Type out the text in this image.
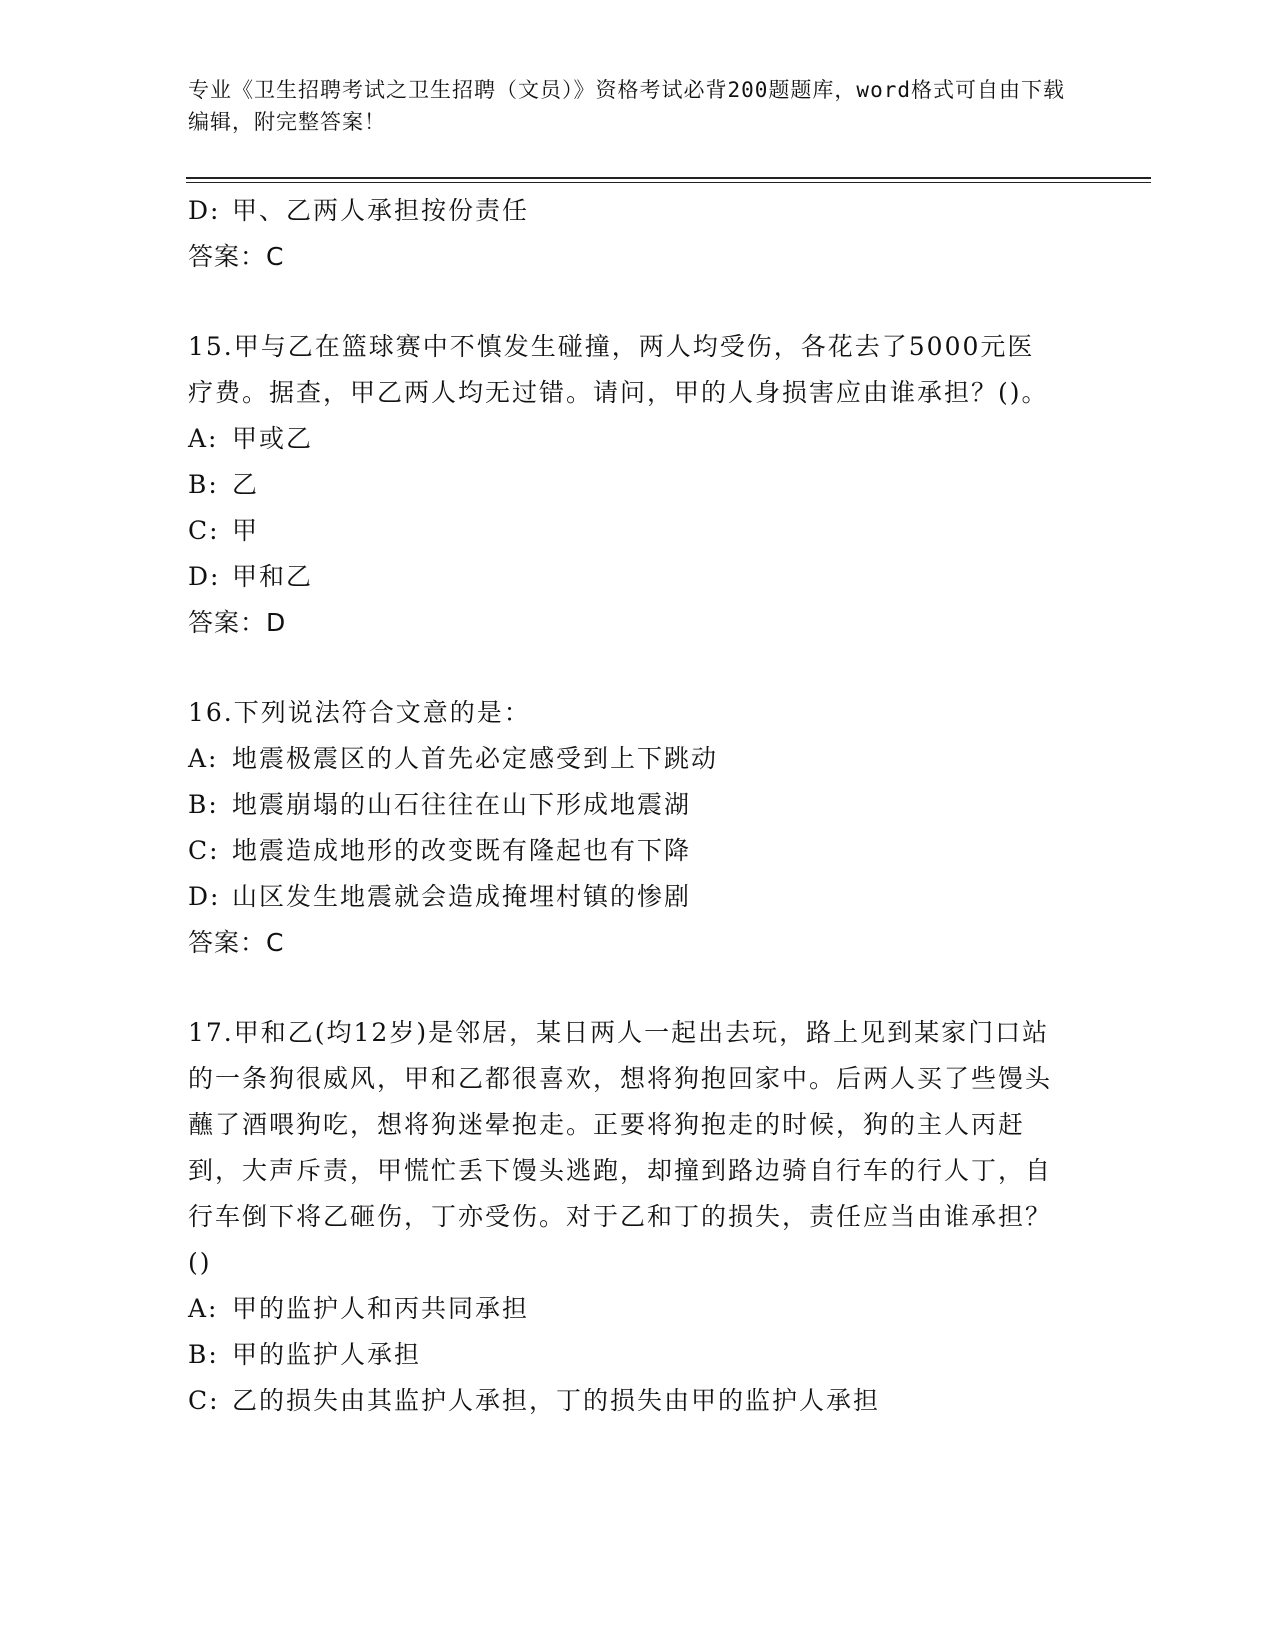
专业《卫生招聘考试之卫生招聘（文员）》资格考试必背200题题库，word格式可自由下载编辑，附完整答案！
D: 甲、乙两人承担按份责任
答案：C
15.甲与乙在篮球赛中不慎发生碰撞，两人均受伤，各花去了5000元医疗费。据查，甲乙两人均无过错。请问，甲的人身损害应由谁承担？()。
A: 甲或乙
B: 乙
C: 甲
D: 甲和乙
答案：D
16.下列说法符合文意的是：
A: 地震极震区的人首先必定感受到上下跳动
B: 地震崩塌的山石往往在山下形成地震湖
C: 地震造成地形的改变既有隆起也有下降
D: 山区发生地震就会造成掩埋村镇的惨剧
答案：C
17.甲和乙(均12岁)是邻居，某日两人一起出去玩，路上见到某家门口站的一条狗很威风，甲和乙都很喜欢，想将狗抱回家中。后两人买了些馒头蘸了酒喂狗吃，想将狗迷晕抱走。正要将狗抱走的时候，狗的主人丙赶到，大声斥责，甲慌忙丢下馒头逃跑，却撞到路边骑自行车的行人丁，自行车倒下将乙砸伤，丁亦受伤。对于乙和丁的损失，责任应当由谁承担？()
A: 甲的监护人和丙共同承担
B: 甲的监护人承担
C: 乙的损失由其监护人承担，丁的损失由甲的监护人承担
